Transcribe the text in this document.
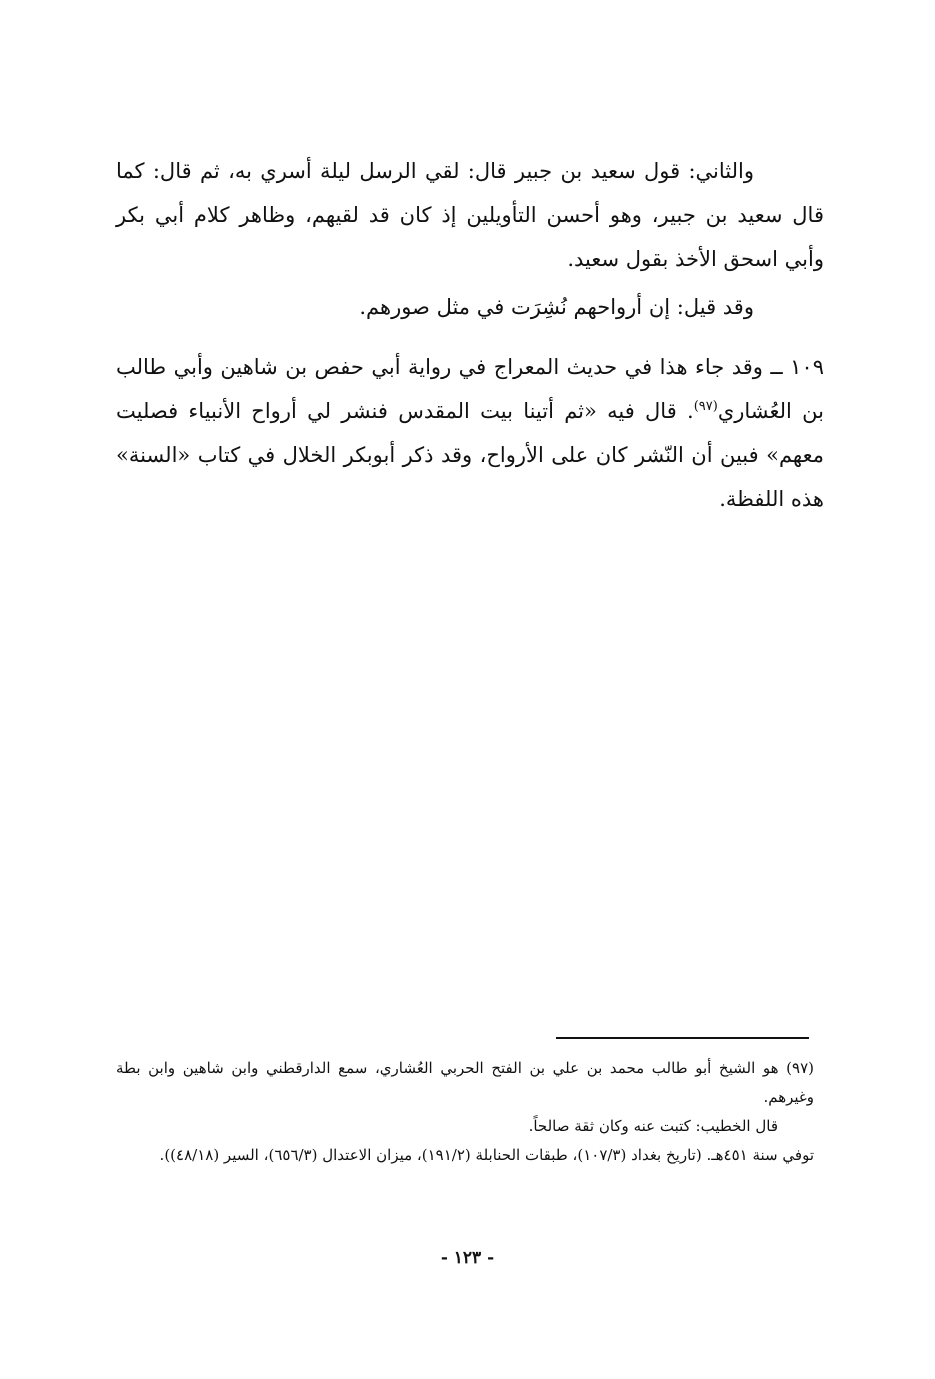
والثاني: قول سعيد بن جبير قال: لقي الرسل ليلة أسري به، ثم قال: كما قال سعيد بن جبير، وهو أحسن التأويلين إذ كان قد لقيهم، وظاهر كلام أبي بكر وأبي اسحق الأخذ بقول سعيد.

وقد قيل: إن أرواحهم نُشِرَت في مثل صورهم.

١٠٩ ــ وقد جاء هذا في حديث المعراج في رواية أبي حفص بن شاهين وأبي طالب بن العُشاري$^{(٩٧)}$. قال فيه «ثم أتينا بيت المقدس فنشر لي أرواح الأنبياء فصليت معهم» فبين أن النّشر كان على الأرواح، وقد ذكر أبوبكر الخلال في كتاب «السنة» هذه اللفظة.

(٩٧) هو الشيخ أبو طالب محمد بن علي بن الفتح الحربي العُشاري، سمع الدارقطني وابن شاهين وابن بطة وغيرهم.

قال الخطيب: كتبت عنه وكان ثقة صالحاً.

توفي سنة ٤٥١هـ. (تاريخ بغداد (١٠٧/٣)، طبقات الحنابلة (١٩١/٢)، ميزان الاعتدال (٦٥٦/٣)، السير (٤٨/١٨)).

- ١٢٣ -
